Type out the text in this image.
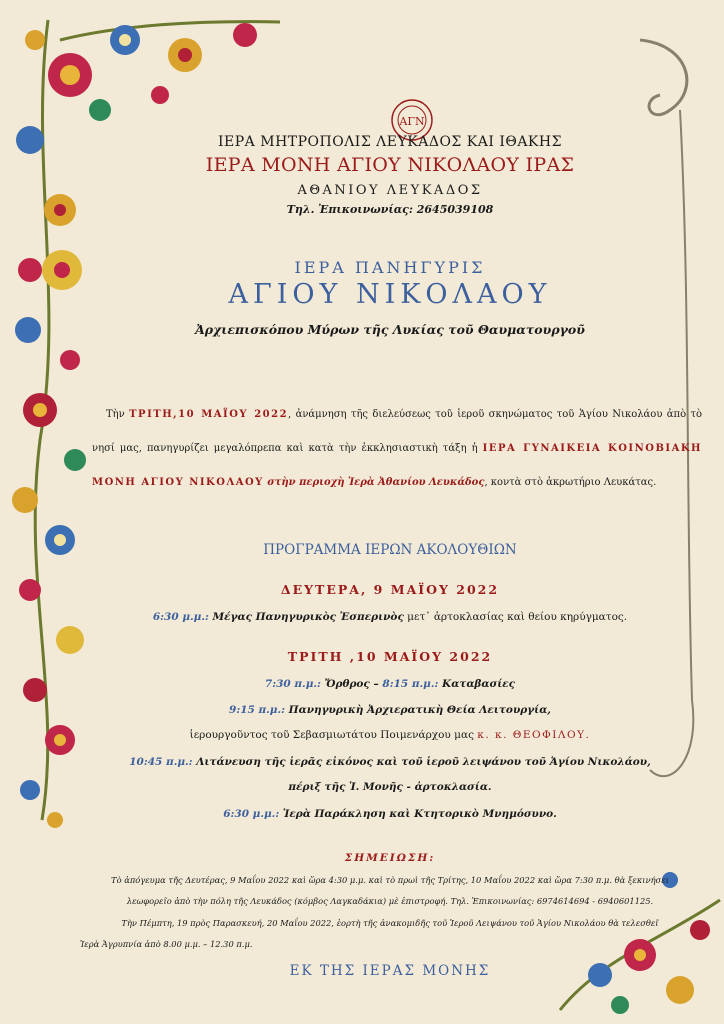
ΑΓΝ
ΙΕΡΑ ΜΗΤΡΟΠΟΛΙΣ ΛΕΥΚΑΔΟΣ ΚΑΙ ΙΘΑΚΗΣ
ΙΕΡΑ ΜΟΝΗ ΑΓΙΟΥ ΝΙΚΟΛΑΟΥ ΙΡΑΣ
ΑΘΑΝΙΟΥ ΛΕΥΚΑΔΟΣ
Τηλ. Ἐπικοινωνίας: 2645039108
ΙΕΡΑ ΠΑΝΗΓΥΡΙΣ
ΑΓΙΟΥ ΝΙΚΟΛΑΟΥ
Ἀρχιεπισκόπου Μύρων τῆς Λυκίας τοῦ Θαυματουργοῦ
Τὴν ΤΡΙΤΗ,10 ΜΑΪΟΥ 2022, ἀνάμνηση τῆς διελεύσεως τοῦ ἱεροῦ σκηνώματος τοῦ Ἁγίου Νικολάου ἀπὸ τὸ νησί μας, πανηγυρίζει μεγαλόπρεπα καὶ κατὰ τὴν ἐκκλησιαστικὴ τάξη ἡ ΙΕΡΑ ΓΥΝΑΙΚΕΙΑ ΚΟΙΝΟΒΙΑΚΗ ΜΟΝΗ ΑΓΙΟΥ ΝΙΚΟΛΑΟΥ στὴν περιοχὴ Ἱερὰ Ἀθανίου Λευκάδος, κοντὰ στὸ ἀκρωτήριο Λευκάτας.
ΠΡΟΓΡΑΜΜΑ ΙΕΡΩΝ ΑΚΟΛΟΥΘΙΩΝ
ΔΕΥΤΕΡΑ, 9 ΜΑΪΟΥ 2022
6:30 μ.μ.: Μέγας Πανηγυρικὸς Ἑσπερινὸς μετ᾽ ἀρτοκλασίας καὶ θείου κηρύγματος.
ΤΡΙΤΗ ,10 ΜΑΪΟΥ 2022
7:30 π.μ.: Ὄρθρος – 8:15 π.μ.: Καταβασίες
9:15 π.μ.: Πανηγυρικὴ Ἀρχιερατικὴ Θεία Λειτουργία,
ἱερουργοῦντος τοῦ Σεβασμιωτάτου Ποιμενάρχου μας κ. κ. ΘΕΟΦΙΛΟΥ.
10:45 π.μ.: Λιτάνευση τῆς ἱερᾶς εἰκόνος καὶ τοῦ ἱεροῦ λειψάνου τοῦ Ἁγίου Νικολάου,
πέριξ τῆς Ἱ. Μονῆς - ἀρτοκλασία.
6:30 μ.μ.: Ἱερὰ Παράκληση καὶ Κτητορικὸ Μνημόσυνο.
ΣΗΜΕΙΩΣΗ:
Τὸ ἀπόγευμα τῆς Δευτέρας, 9 Μαΐου 2022 καὶ ὥρα 4:30 μ.μ. καὶ τὸ πρωὶ τῆς Τρίτης, 10 Μαΐου 2022 καὶ ὥρα 7:30 π.μ. θὰ ξεκινήσει
λεωφορεῖο ἀπὸ τὴν πόλη τῆς Λευκάδος (κόμβος Λαγκαδάκια) μὲ ἐπιστροφή. Τηλ. Ἐπικοινωνίας: 6974614694 - 6940601125.
Τὴν Πέμπτη, 19 πρὸς Παρασκευή, 20 Μαΐου 2022, ἑορτὴ τῆς ἀνακομιδῆς τοῦ Ἱεροῦ Λειψάνου τοῦ Ἁγίου Νικολάου θὰ τελεσθεῖ
Ἱερὰ Ἀγρυπνία ἀπὸ 8.00 μ.μ. – 12.30 π.μ.
ΕΚ ΤΗΣ ΙΕΡΑΣ ΜΟΝΗΣ
